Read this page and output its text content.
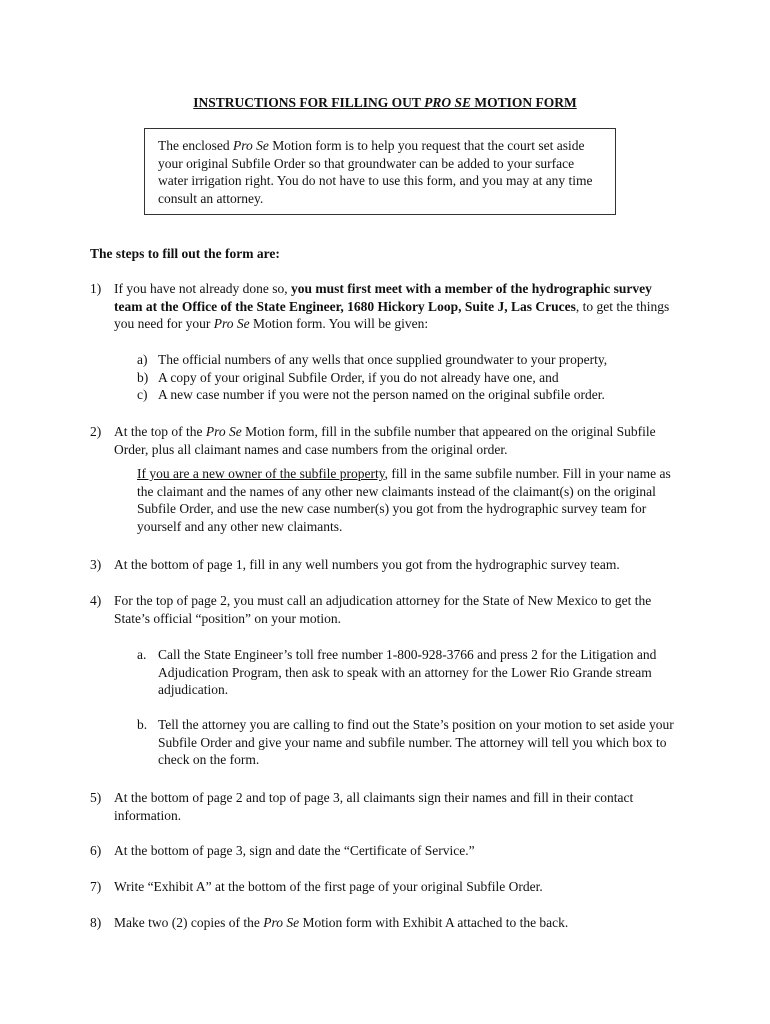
INSTRUCTIONS FOR FILLING OUT PRO SE MOTION FORM
The enclosed Pro Se Motion form is to help you request that the court set aside your original Subfile Order so that groundwater can be added to your surface water irrigation right. You do not have to use this form, and you may at any time consult an attorney.
The steps to fill out the form are:
1) If you have not already done so, you must first meet with a member of the hydrographic survey team at the Office of the State Engineer, 1680 Hickory Loop, Suite J, Las Cruces, to get the things you need for your Pro Se Motion form. You will be given:
a) The official numbers of any wells that once supplied groundwater to your property,
b) A copy of your original Subfile Order, if you do not already have one, and
c) A new case number if you were not the person named on the original subfile order.
2) At the top of the Pro Se Motion form, fill in the subfile number that appeared on the original Subfile Order, plus all claimant names and case numbers from the original order.
If you are a new owner of the subfile property, fill in the same subfile number. Fill in your name as the claimant and the names of any other new claimants instead of the claimant(s) on the original Subfile Order, and use the new case number(s) you got from the hydrographic survey team for yourself and any other new claimants.
3) At the bottom of page 1, fill in any well numbers you got from the hydrographic survey team.
4) For the top of page 2, you must call an adjudication attorney for the State of New Mexico to get the State’s official “position” on your motion.
a. Call the State Engineer’s toll free number 1-800-928-3766 and press 2 for the Litigation and Adjudication Program, then ask to speak with an attorney for the Lower Rio Grande stream adjudication.
b. Tell the attorney you are calling to find out the State’s position on your motion to set aside your Subfile Order and give your name and subfile number. The attorney will tell you which box to check on the form.
5) At the bottom of page 2 and top of page 3, all claimants sign their names and fill in their contact information.
6) At the bottom of page 3, sign and date the “Certificate of Service.”
7) Write “Exhibit A” at the bottom of the first page of your original Subfile Order.
8) Make two (2) copies of the Pro Se Motion form with Exhibit A attached to the back.
